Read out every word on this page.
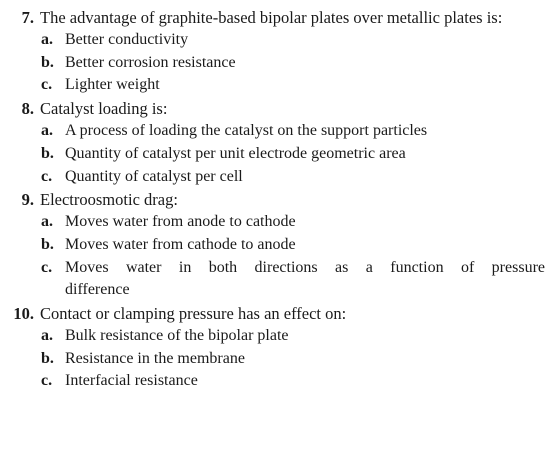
7. The advantage of graphite-based bipolar plates over metallic plates is:
a. Better conductivity
b. Better corrosion resistance
c. Lighter weight
8. Catalyst loading is:
a. A process of loading the catalyst on the support particles
b. Quantity of catalyst per unit electrode geometric area
c. Quantity of catalyst per cell
9. Electroosmotic drag:
a. Moves water from anode to cathode
b. Moves water from cathode to anode
c. Moves water in both directions as a function of pressure
difference
10. Contact or clamping pressure has an effect on:
a. Bulk resistance of the bipolar plate
b. Resistance in the membrane
c. Interfacial resistance
